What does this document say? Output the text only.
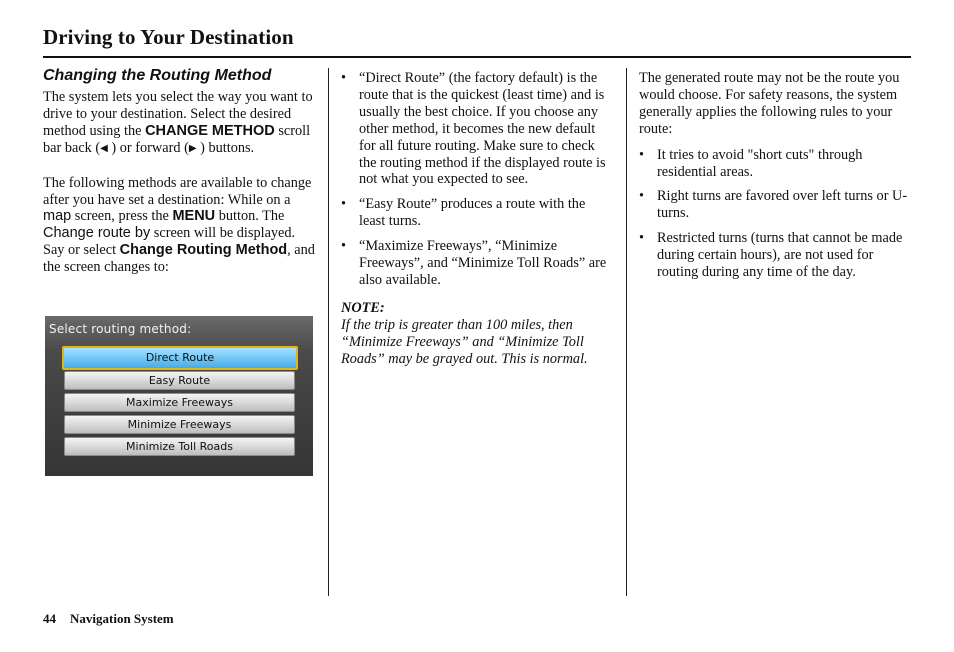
Driving to Your Destination
Changing the Routing Method

The system lets you select the way you want to drive to your destination. Select the desired method using the CHANGE METHOD scroll bar back (◀ ) or forward (▶ ) buttons.

The following methods are available to change after you have set a destination: While on a map screen, press the MENU button. The Change route by screen will be displayed. Say or select Change Routing Method, and the screen changes to:

Select routing method:
Direct Route
Easy Route
Maximize Freeways
Minimize Freeways
Minimize Toll Roads
• “Direct Route” (the factory default) is the route that is the quickest (least time) and is usually the best choice. If you choose any other method, it becomes the new default for all future routing. Make sure to check the routing method if the displayed route is not what you expected to see.
• “Easy Route” produces a route with the least turns.
• “Maximize Freeways”, “Minimize Freeways”, and “Minimize Toll Roads” are also available.

NOTE:

If the trip is greater than 100 miles, then “Minimize Freeways” and “Minimize Toll Roads” may be grayed out. This is normal.

The generated route may not be the route you would choose. For safety reasons, the system generally applies the following rules to your route:

• It tries to avoid "short cuts" through residential areas.
• Right turns are favored over left turns or U-turns.
• Restricted turns (turns that cannot be made during certain hours), are not used for routing during any time of the day.
44 Navigation System
